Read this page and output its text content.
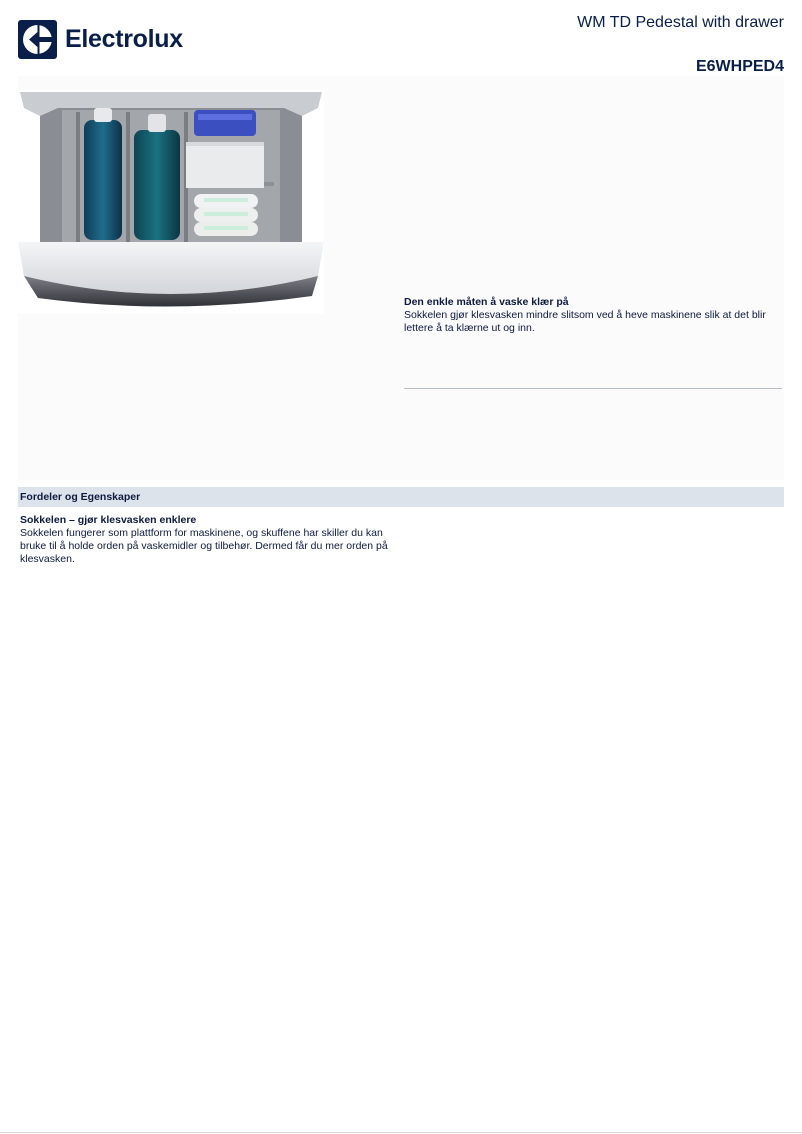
Electrolux
WM TD Pedestal with drawer
E6WHPED4
Den enkle måten å vaske klær på
Sokkelen gjør klesvasken mindre slitsom ved å heve maskinene slik at det blir lettere å ta klærne ut og inn.
Fordeler og Egenskaper
Sokkelen – gjør klesvasken enklere
Sokkelen fungerer som plattform for maskinene, og skuffene har skiller du kan bruke til å holde orden på vaskemidler og tilbehør. Dermed får du mer orden på klesvasken.
